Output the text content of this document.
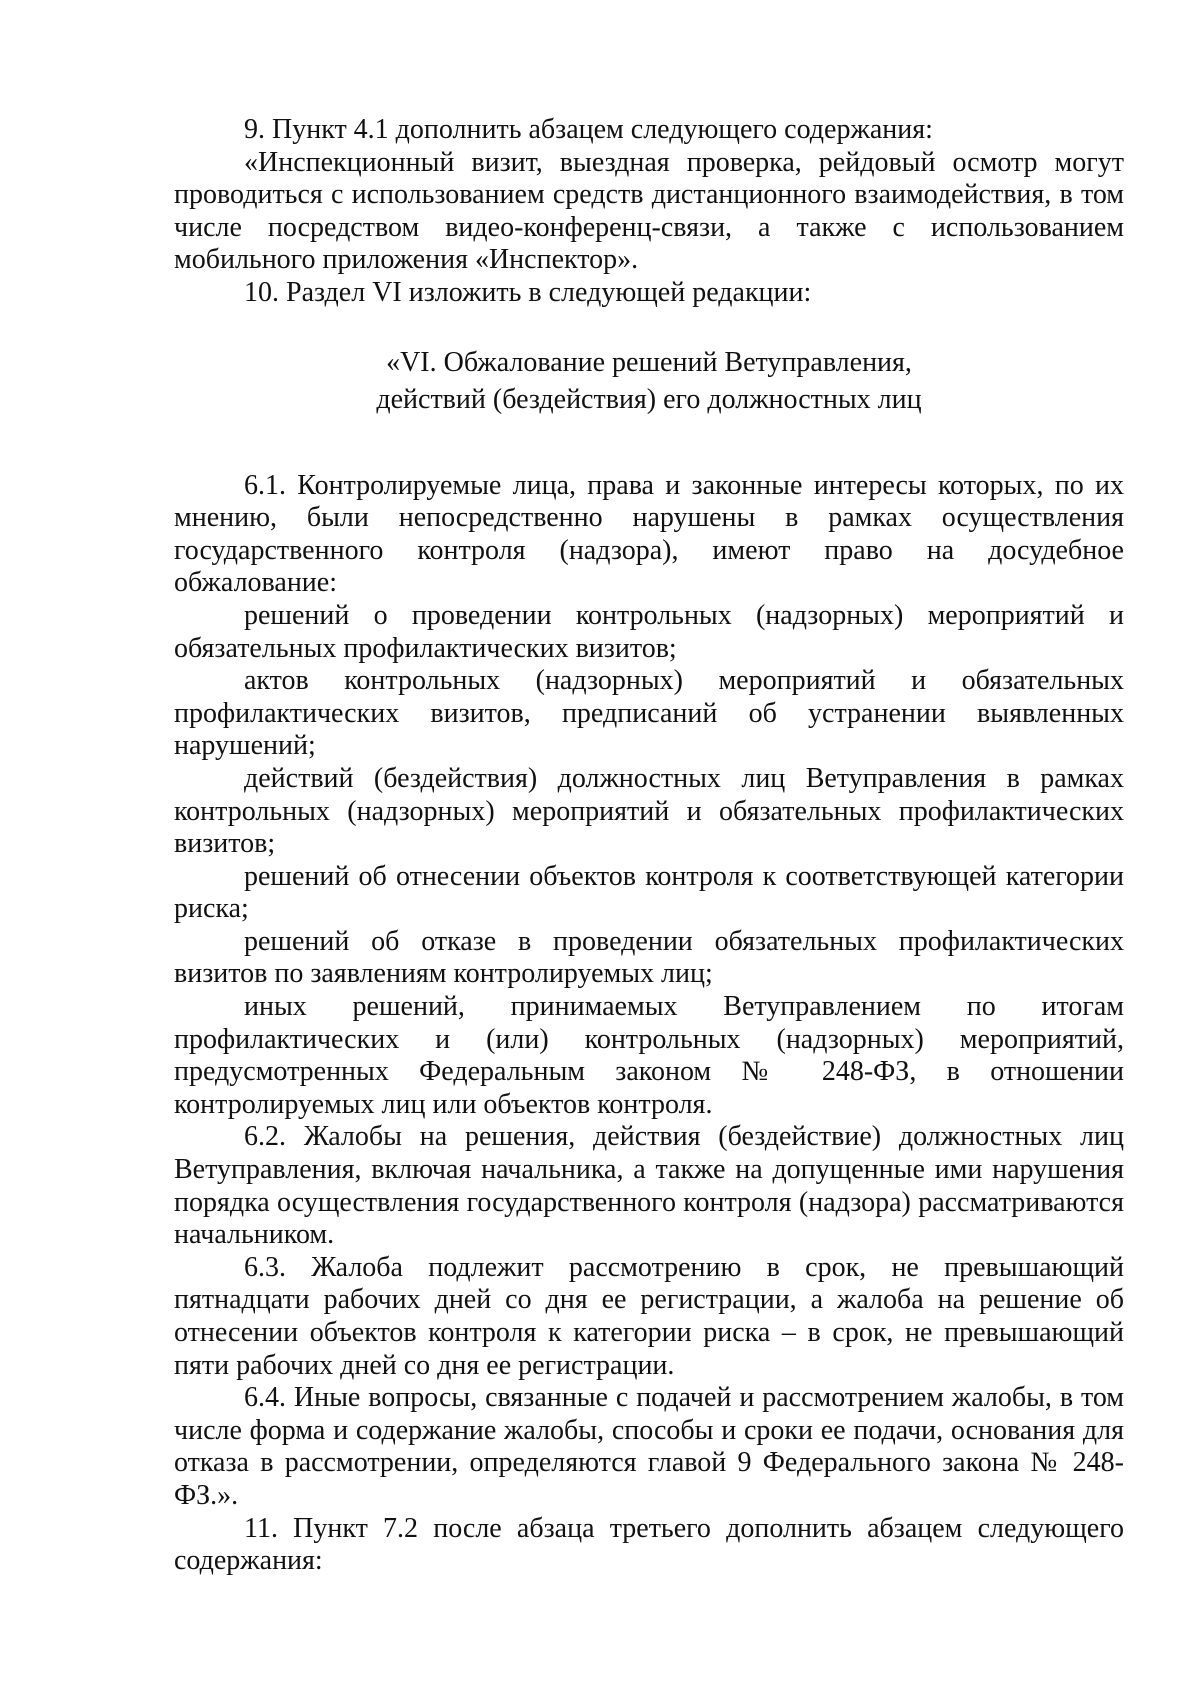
9. Пункт 4.1 дополнить абзацем следующего содержания:

«Инспекционный визит, выездная проверка, рейдовый осмотр могут проводиться с использованием средств дистанционного взаимодействия, в том числе посредством видео-конференц-связи, а также с использованием мобильного приложения «Инспектор».

10. Раздел VI изложить в следующей редакции:

«VI. Обжалование решений Ветуправления,
действий (бездействия) его должностных лиц

6.1. Контролируемые лица, права и законные интересы которых, по их мнению, были непосредственно нарушены в рамках осуществления государственного контроля (надзора), имеют право на досудебное обжалование:

решений о проведении контрольных (надзорных) мероприятий и обязательных профилактических визитов;

актов контрольных (надзорных) мероприятий и обязательных профилактических визитов, предписаний об устранении выявленных нарушений;

действий (бездействия) должностных лиц Ветуправления в рамках контрольных (надзорных) мероприятий и обязательных профилактических визитов;

решений об отнесении объектов контроля к соответствующей категории риска;

решений об отказе в проведении обязательных профилактических визитов по заявлениям контролируемых лиц;

иных решений, принимаемых Ветуправлением по итогам профилактических и (или) контрольных (надзорных) мероприятий, предусмотренных Федеральным законом № 248-ФЗ, в отношении контролируемых лиц или объектов контроля.

6.2. Жалобы на решения, действия (бездействие) должностных лиц Ветуправления, включая начальника, а также на допущенные ими нарушения порядка осуществления государственного контроля (надзора) рассматриваются начальником.

6.3. Жалоба подлежит рассмотрению в срок, не превышающий пятнадцати рабочих дней со дня ее регистрации, а жалоба на решение об отнесении объектов контроля к категории риска – в срок, не превышающий пяти рабочих дней со дня ее регистрации.

6.4. Иные вопросы, связанные с подачей и рассмотрением жалобы, в том числе форма и содержание жалобы, способы и сроки ее подачи, основания для отказа в рассмотрении, определяются главой 9 Федерального закона № 248-ФЗ.».

11. Пункт 7.2 после абзаца третьего дополнить абзацем следующего содержания:
